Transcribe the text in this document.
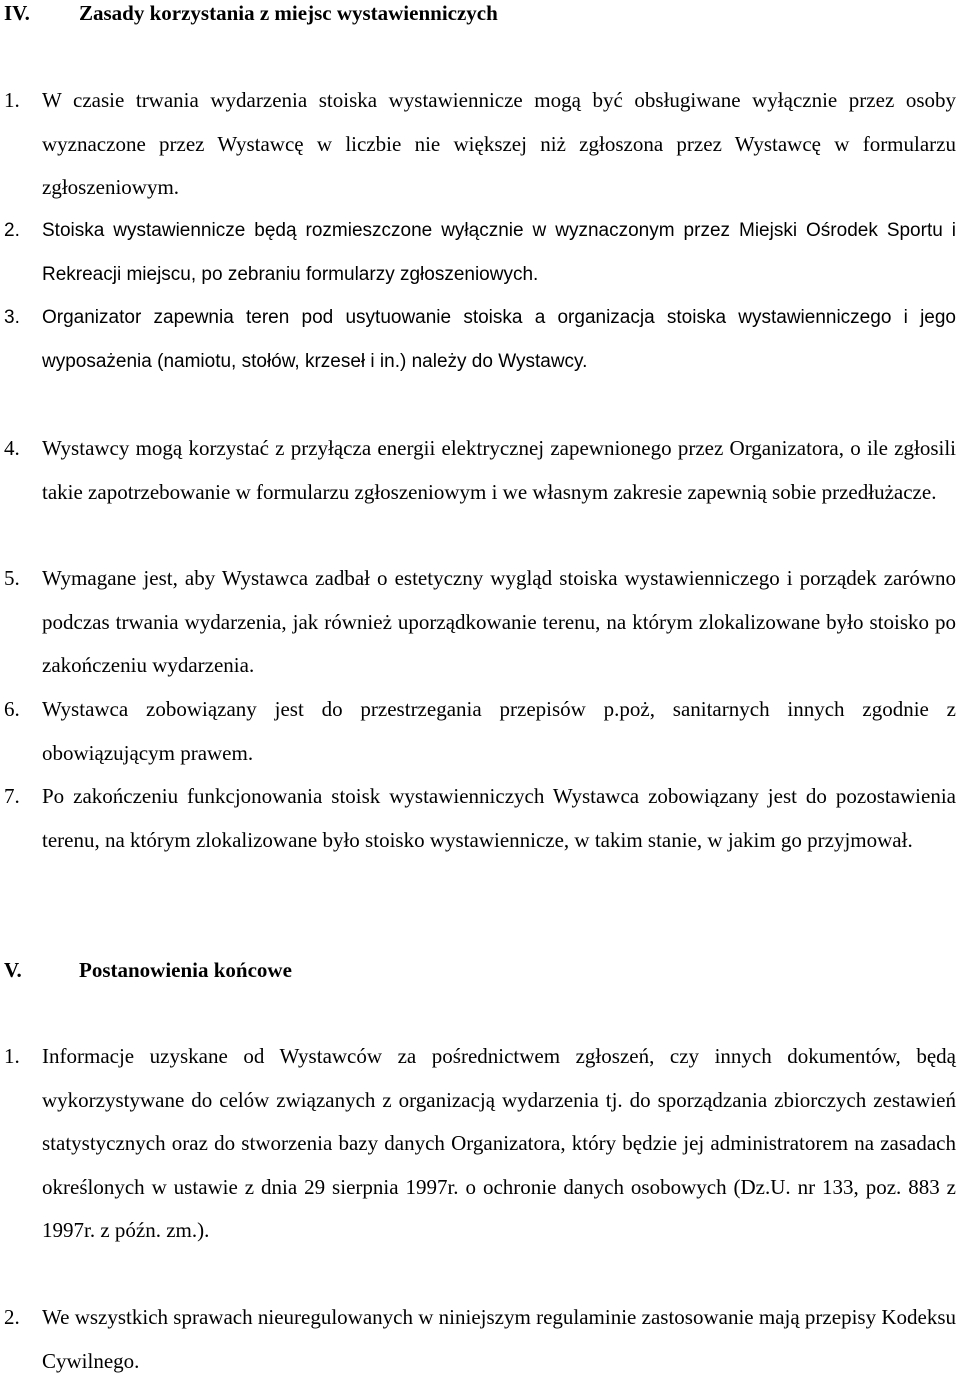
IV. Zasady korzystania z miejsc wystawienniczych
1. W czasie trwania wydarzenia stoiska wystawiennicze mogą być obsługiwane wyłącznie przez osoby wyznaczone przez Wystawcę w liczbie nie większej niż zgłoszona przez Wystawcę w formularzu zgłoszeniowym.
2. Stoiska wystawiennicze będą rozmieszczone wyłącznie w wyznaczonym przez Miejski Ośrodek Sportu i Rekreacji miejscu, po zebraniu formularzy zgłoszeniowych.
3. Organizator zapewnia teren pod usytuowanie stoiska a organizacja stoiska wystawienniczego i jego wyposażenia (namiotu, stołów, krzeseł i in.) należy do Wystawcy.
4. Wystawcy mogą korzystać z przyłącza energii elektrycznej zapewnionego przez Organizatora, o ile zgłosili takie zapotrzebowanie w formularzu zgłoszeniowym i we własnym zakresie zapewnią sobie przedłużacze.
5. Wymagane jest, aby Wystawca zadbał o estetyczny wygląd stoiska wystawienniczego i porządek zarówno podczas trwania wydarzenia, jak również uporządkowanie terenu, na którym zlokalizowane było stoisko po zakończeniu wydarzenia.
6. Wystawca zobowiązany jest do przestrzegania przepisów p.poż, sanitarnych innych zgodnie z obowiązującym prawem.
7. Po zakończeniu funkcjonowania stoisk wystawienniczych Wystawca zobowiązany jest do pozostawienia terenu, na którym zlokalizowane było stoisko wystawiennicze, w takim stanie, w jakim go przyjmował.
V.	Postanowienia końcowe
1. Informacje uzyskane od Wystawców za pośrednictwem zgłoszeń, czy innych dokumentów, będą wykorzystywane do celów związanych z organizacją wydarzenia tj. do sporządzania zbiorczych zestawień statystycznych oraz do stworzenia bazy danych Organizatora, który będzie jej administratorem na zasadach określonych w ustawie z dnia 29 sierpnia 1997r. o ochronie danych osobowych (Dz.U. nr 133, poz. 883 z 1997r. z późn. zm.).
2. We wszystkich sprawach nieuregulowanych w niniejszym regulaminie zastosowanie mają przepisy Kodeksu Cywilnego.
